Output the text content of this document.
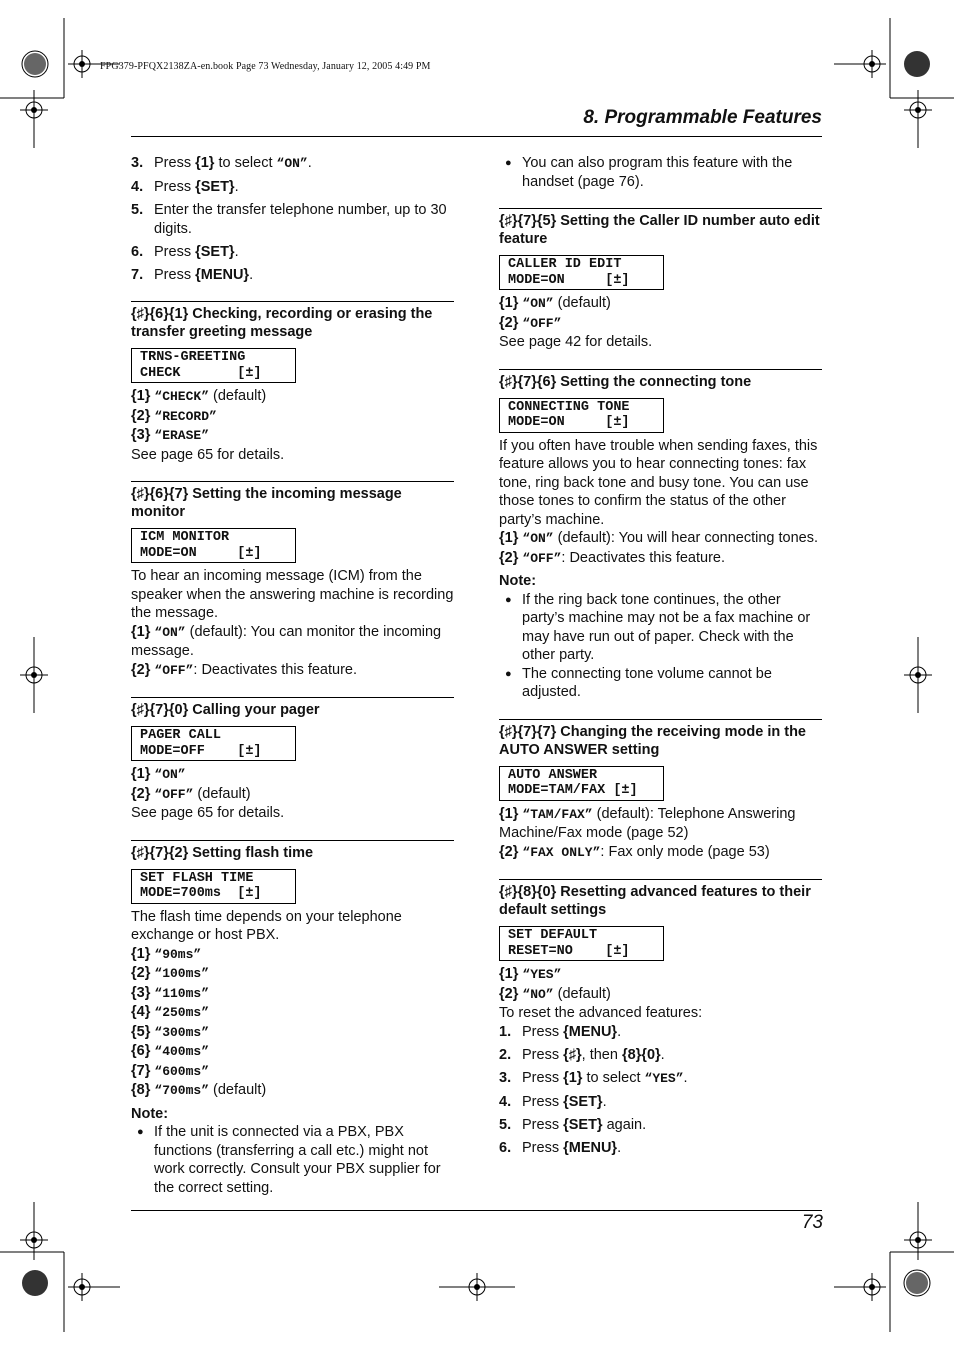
FPG379-PFQX2138ZA-en.book Page 73 Wednesday, January 12, 2005 4:49 PM
8. Programmable Features
3. Press {1} to select “ON”.
4. Press {SET}.
5. Enter the transfer telephone number, up to 30 digits.
6. Press {SET}.
7. Press {MENU}.
{♯}{6}{1} Checking, recording or erasing the transfer greeting message
TRNS-GREETING
CHECK       [±]
{1} “CHECK” (default)
{2} “RECORD”
{3} “ERASE”
See page 65 for details.
{♯}{6}{7} Setting the incoming message monitor
ICM MONITOR
MODE=ON     [±]
To hear an incoming message (ICM) from the speaker when the answering machine is recording the message.
{1} “ON” (default): You can monitor the incoming message.
{2} “OFF”: Deactivates this feature.
{♯}{7}{0} Calling your pager
PAGER CALL
MODE=OFF    [±]
{1} “ON”
{2} “OFF” (default)
See page 65 for details.
{♯}{7}{2} Setting flash time
SET FLASH TIME
MODE=700ms  [±]
The flash time depends on your telephone exchange or host PBX.
{1} “90ms”
{2} “100ms”
{3} “110ms”
{4} “250ms”
{5} “300ms”
{6} “400ms”
{7} “600ms”
{8} “700ms” (default)
Note:
● If the unit is connected via a PBX, PBX functions (transferring a call etc.) might not work correctly. Consult your PBX supplier for the correct setting.
● You can also program this feature with the handset (page 76).
{♯}{7}{5} Setting the Caller ID number auto edit feature
CALLER ID EDIT
MODE=ON     [±]
{1} “ON” (default)
{2} “OFF”
See page 42 for details.
{♯}{7}{6} Setting the connecting tone
CONNECTING TONE
MODE=ON     [±]
If you often have trouble when sending faxes, this feature allows you to hear connecting tones: fax tone, ring back tone and busy tone. You can use those tones to confirm the status of the other party’s machine.
{1} “ON” (default): You will hear connecting tones.
{2} “OFF”: Deactivates this feature.
Note:
● If the ring back tone continues, the other party’s machine may not be a fax machine or may have run out of paper. Check with the other party.
● The connecting tone volume cannot be adjusted.
{♯}{7}{7} Changing the receiving mode in the AUTO ANSWER setting
AUTO ANSWER
MODE=TAM/FAX [±]
{1} “TAM/FAX” (default): Telephone Answering Machine/Fax mode (page 52)
{2} “FAX ONLY”: Fax only mode (page 53)
{♯}{8}{0} Resetting advanced features to their default settings
SET DEFAULT
RESET=NO    [±]
{1} “YES”
{2} “NO” (default)
To reset the advanced features:
1. Press {MENU}.
2. Press {♯}, then {8}{0}.
3. Press {1} to select “YES”.
4. Press {SET}.
5. Press {SET} again.
6. Press {MENU}.
73
